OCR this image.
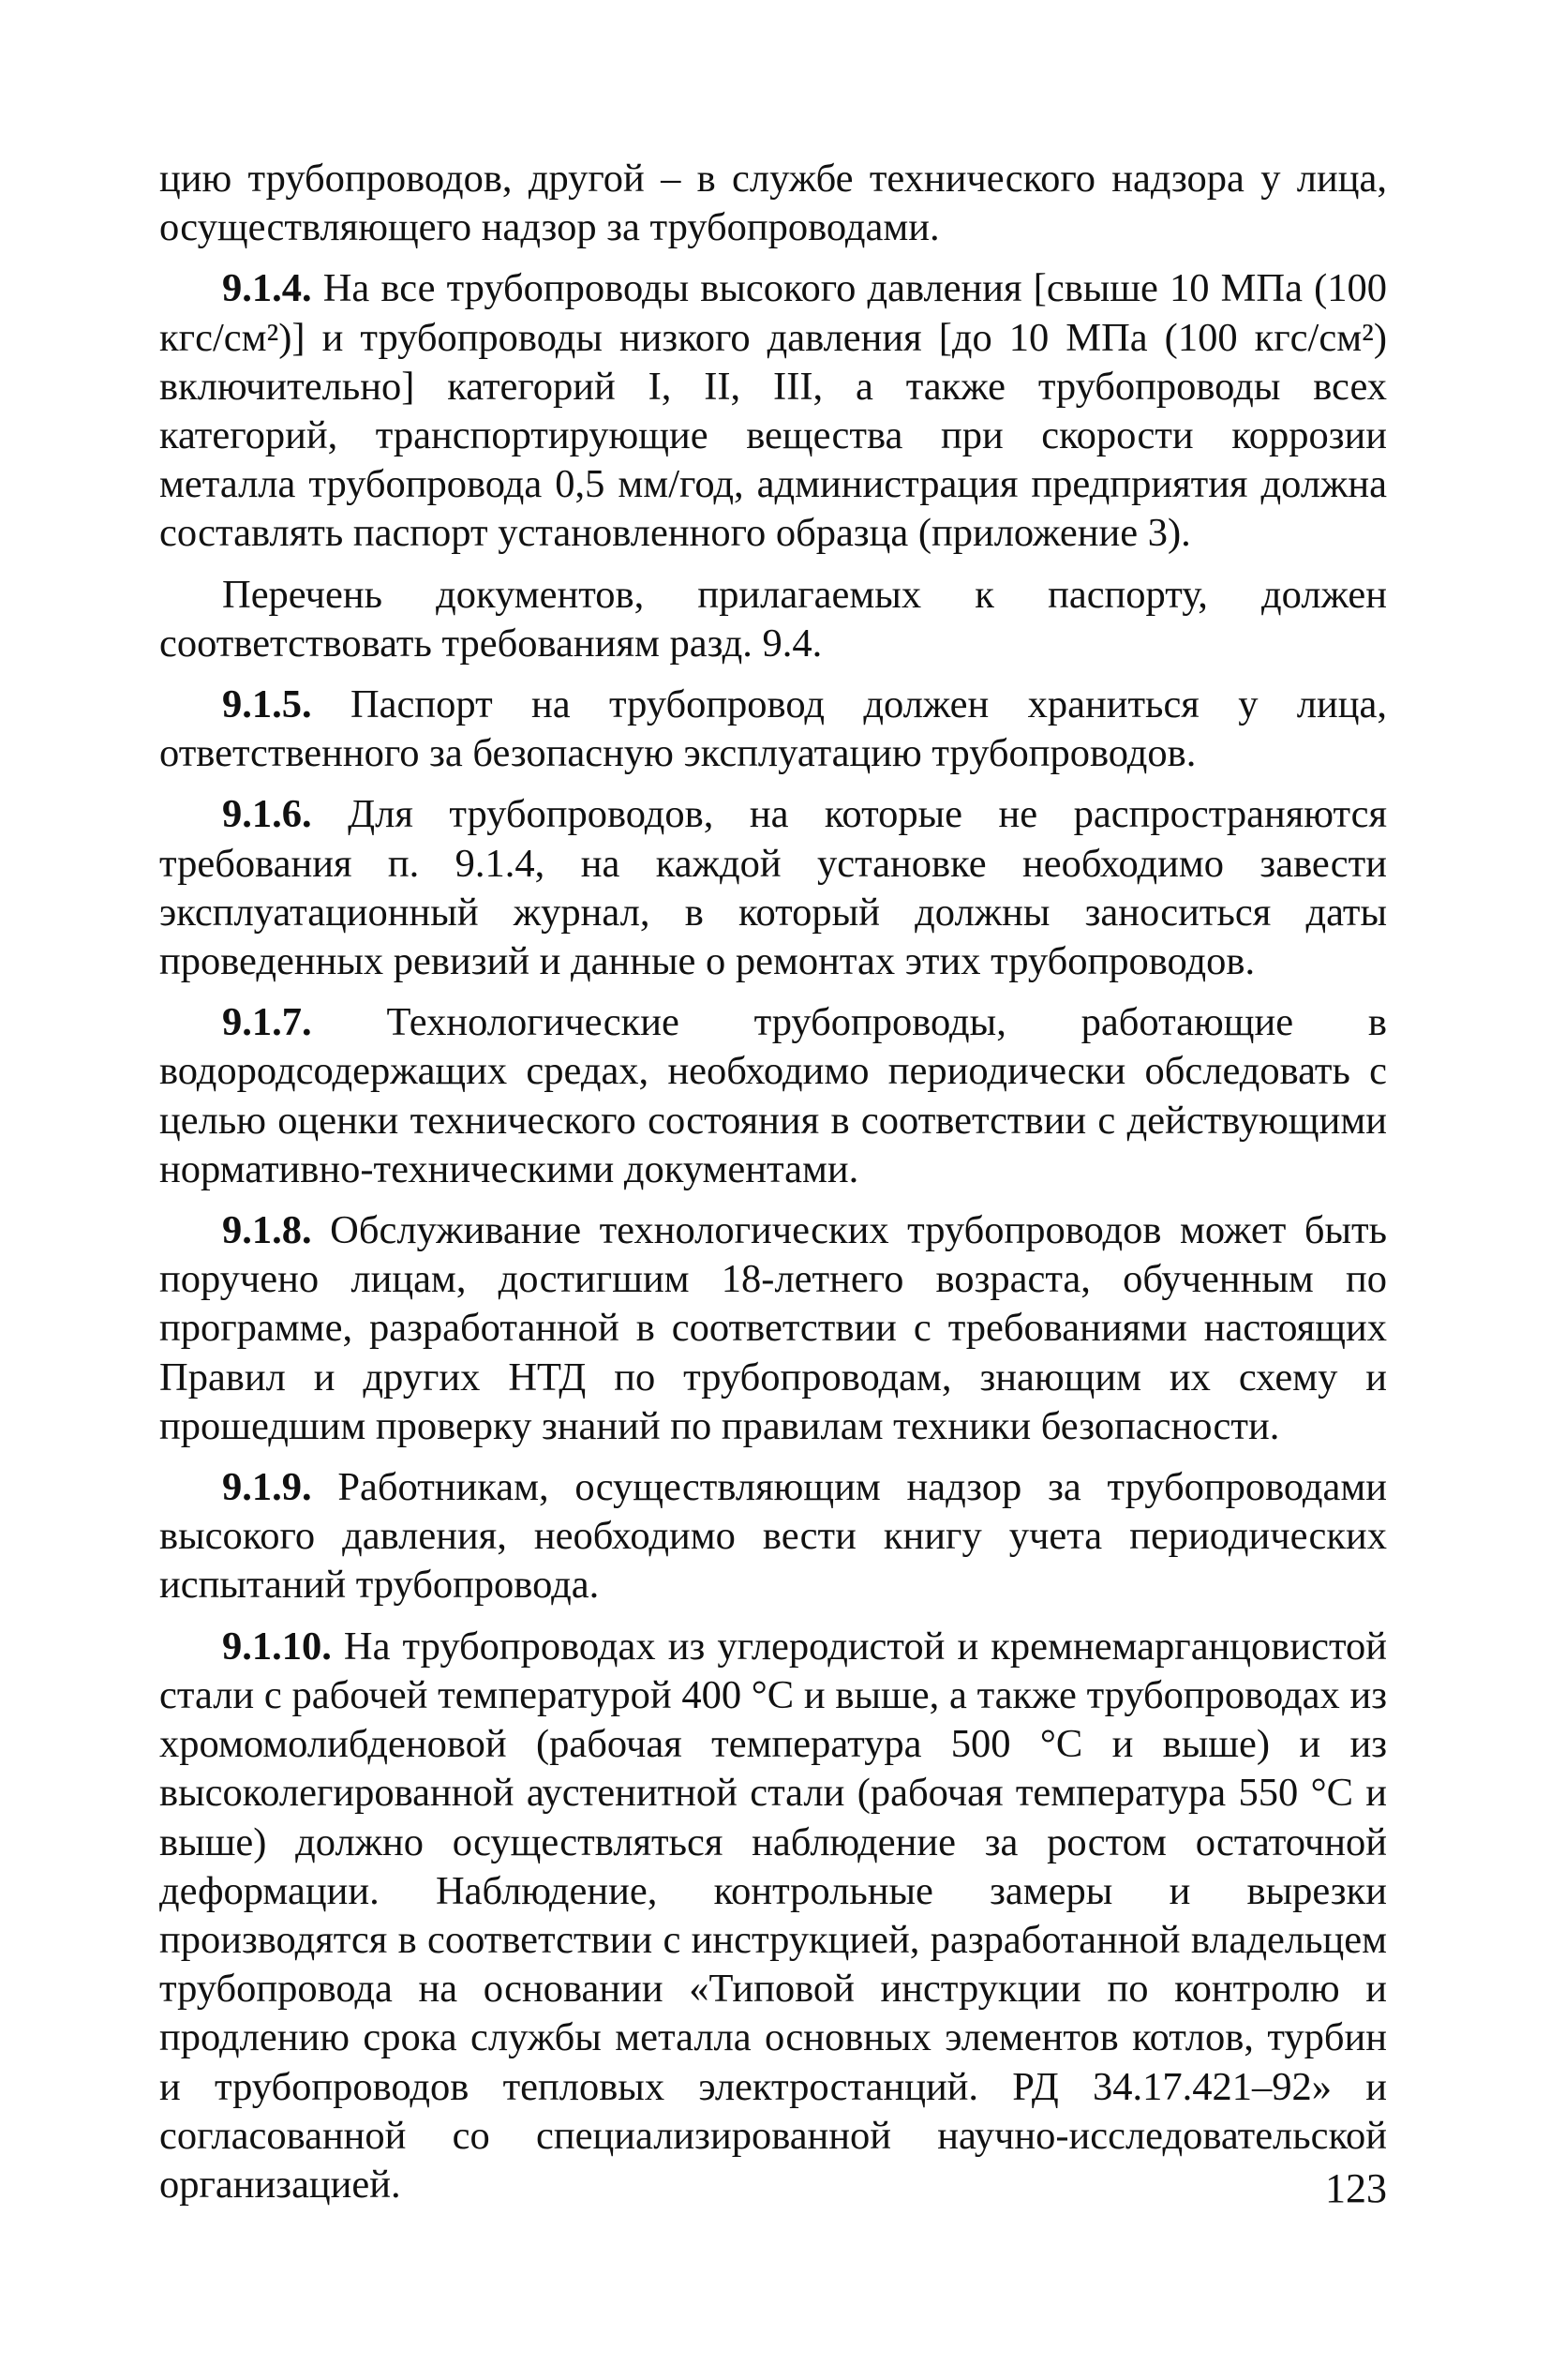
цию трубопроводов, другой – в службе технического надзора у лица, осуществляющего надзор за трубопроводами.

9.1.4. На все трубопроводы высокого давления [свыше 10 МПа (100 кгс/см²)] и трубопроводы низкого давления [до 10 МПа (100 кгс/см²) включительно] категорий I, II, III, а также трубопроводы всех категорий, транспортирующие вещества при скорости коррозии металла трубопровода 0,5 мм/год, администрация предприятия должна составлять паспорт установленного образца (приложение 3).

Перечень документов, прилагаемых к паспорту, должен соответствовать требованиям разд. 9.4.

9.1.5. Паспорт на трубопровод должен храниться у лица, ответственного за безопасную эксплуатацию трубопроводов.

9.1.6. Для трубопроводов, на которые не распространяются требования п. 9.1.4, на каждой установке необходимо завести эксплуатационный журнал, в который должны заноситься даты проведенных ревизий и данные о ремонтах этих трубопроводов.

9.1.7. Технологические трубопроводы, работающие в водородсодержащих средах, необходимо периодически обследовать с целью оценки технического состояния в соответствии с действующими нормативно-техническими документами.

9.1.8. Обслуживание технологических трубопроводов может быть поручено лицам, достигшим 18-летнего возраста, обученным по программе, разработанной в соответствии с требованиями настоящих Правил и других НТД по трубопроводам, знающим их схему и прошедшим проверку знаний по правилам техники безопасности.

9.1.9. Работникам, осуществляющим надзор за трубопроводами высокого давления, необходимо вести книгу учета периодических испытаний трубопровода.

9.1.10. На трубопроводах из углеродистой и кремнемарганцовистой стали с рабочей температурой 400 °С и выше, а также трубопроводах из хромомолибденовой (рабочая температура 500 °С и выше) и из высоколегированной аустенитной стали (рабочая температура 550 °С и выше) должно осуществляться наблюдение за ростом остаточной деформации. Наблюдение, контрольные замеры и вырезки производятся в соответствии с инструкцией, разработанной владельцем трубопровода на основании «Типовой инструкции по контролю и продлению срока службы металла основных элементов котлов, турбин и трубопроводов тепловых электростанций. РД 34.17.421–92» и согласованной со специализированной научно-исследовательской организацией.	123
